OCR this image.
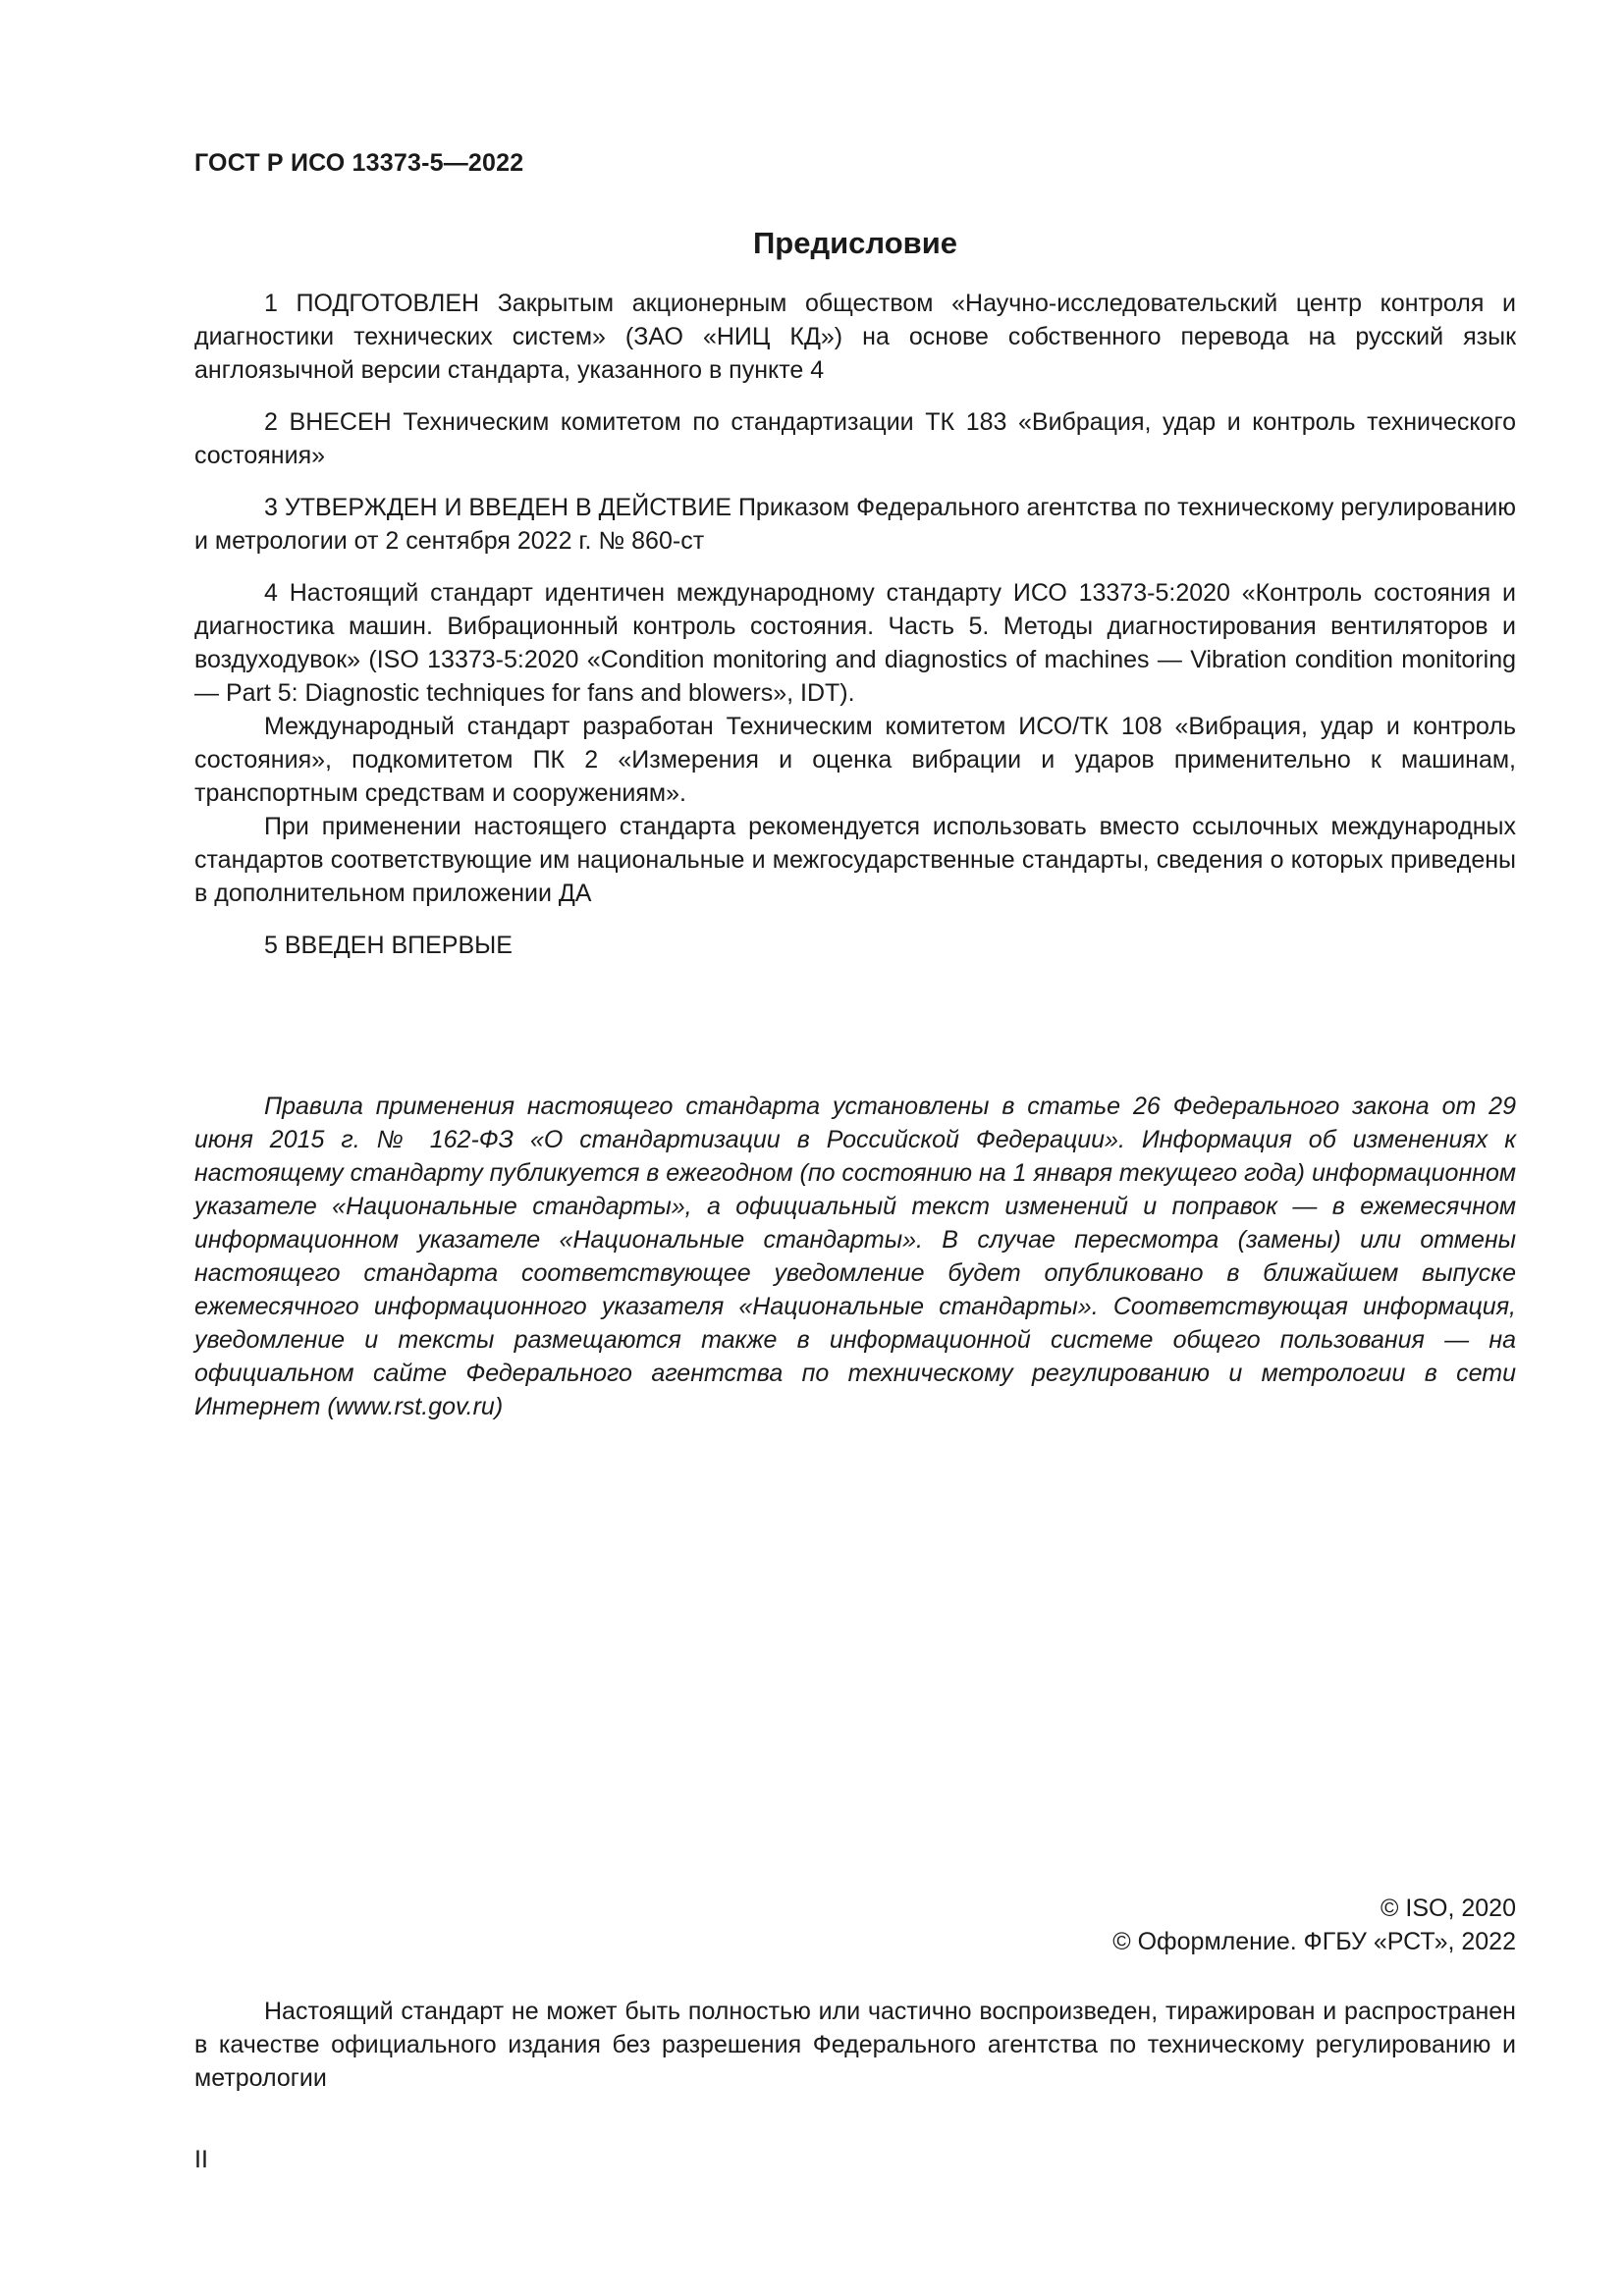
ГОСТ Р ИСО 13373-5—2022
Предисловие

1 ПОДГОТОВЛЕН Закрытым акционерным обществом «Научно-исследовательский центр контроля и диагностики технических систем» (ЗАО «НИЦ КД») на основе собственного перевода на русский язык англоязычной версии стандарта, указанного в пункте 4

2 ВНЕСЕН Техническим комитетом по стандартизации ТК 183 «Вибрация, удар и контроль технического состояния»

3 УТВЕРЖДЕН И ВВЕДЕН В ДЕЙСТВИЕ Приказом Федерального агентства по техническому регулированию и метрологии от 2 сентября 2022 г. № 860-ст

4 Настоящий стандарт идентичен международному стандарту ИСО 13373-5:2020 «Контроль состояния и диагностика машин. Вибрационный контроль состояния. Часть 5. Методы диагностирования вентиляторов и воздуходувок» (ISO 13373-5:2020 «Condition monitoring and diagnostics of machines — Vibration condition monitoring — Part 5: Diagnostic techniques for fans and blowers», IDT).

Международный стандарт разработан Техническим комитетом ИСО/ТК 108 «Вибрация, удар и контроль состояния», подкомитетом ПК 2 «Измерения и оценка вибрации и ударов применительно к машинам, транспортным средствам и сооружениям».

При применении настоящего стандарта рекомендуется использовать вместо ссылочных международных стандартов соответствующие им национальные и межгосударственные стандарты, сведения о которых приведены в дополнительном приложении ДА

5 ВВЕДЕН ВПЕРВЫЕ

Правила применения настоящего стандарта установлены в статье 26 Федерального закона от 29 июня 2015 г. № 162-ФЗ «О стандартизации в Российской Федерации». Информация об изменениях к настоящему стандарту публикуется в ежегодном (по состоянию на 1 января текущего года) информационном указателе «Национальные стандарты», а официальный текст изменений и поправок — в ежемесячном информационном указателе «Национальные стандарты». В случае пересмотра (замены) или отмены настоящего стандарта соответствующее уведомление будет опубликовано в ближайшем выпуске ежемесячного информационного указателя «Национальные стандарты». Соответствующая информация, уведомление и тексты размещаются также в информационной системе общего пользования — на официальном сайте Федерального агентства по техническому регулированию и метрологии в сети Интернет (www.rst.gov.ru)

© ISO, 2020
© Оформление. ФГБУ «РСТ», 2022

Настоящий стандарт не может быть полностью или частично воспроизведен, тиражирован и распространен в качестве официального издания без разрешения Федерального агентства по техническому регулированию и метрологии

II
